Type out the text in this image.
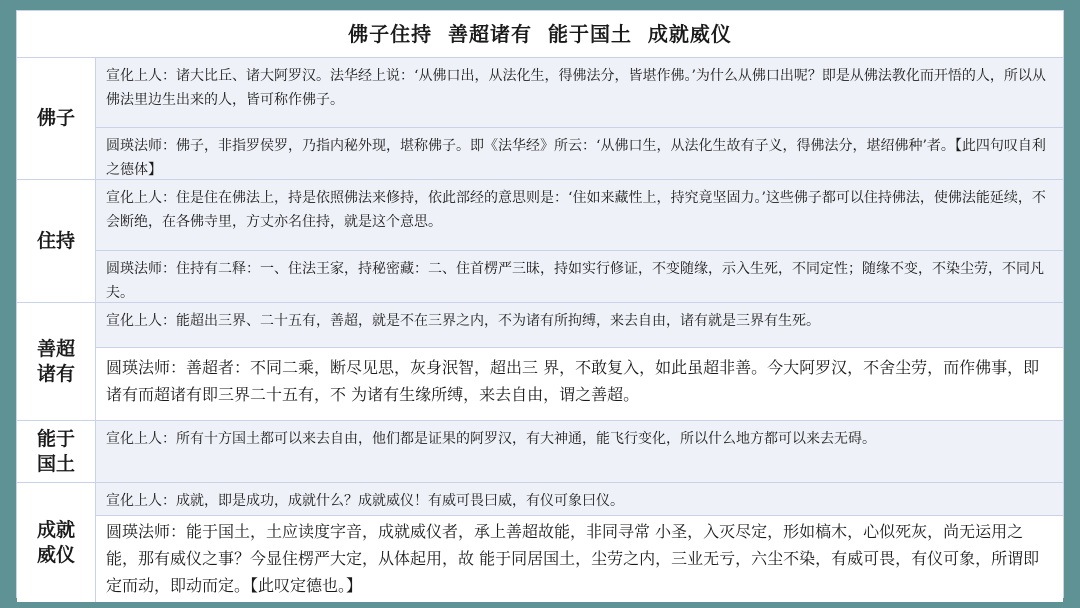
佛子住持  善超诸有  能于国土  成就威仪
佛子
宣化上人：诸大比丘、诸大阿罗汉。法华经上说：‘从佛口出，从法化生，得佛法分，皆堪作佛。’为什么从佛口出呢？即是从佛法教化而开悟的人，所以从佛法里边生出来的人，皆可称作佛子。
圆瑛法师：佛子，非指罗侯罗，乃指内秘外现，堪称佛子。即《法华经》所云：‘从佛口生，从法化生故有子义，得佛法分，堪绍佛种’者。【此四句叹自利之德体】
住持
宣化上人：住是住在佛法上，持是依照佛法来修持，依此部经的意思则是：‘住如来藏性上，持究竟坚固力。’这些佛子都可以住持佛法，使佛法能延续，不会断绝，在各佛寺里，方丈亦名住持，就是这个意思。
圆瑛法师：住持有二释：一、住法王家，持秘密藏：二、住首楞严三昧，持如实行修证，不变随缘，示入生死，不同定性；随缘不变，不染尘劳，不同凡夫。
善超诸有
宣化上人：能超出三界、二十五有，善超，就是不在三界之内，不为诸有所拘缚，来去自由，诸有就是三界有生死。
圆瑛法师：善超者：不同二乘，断尽见思，灰身泯智，超出三 界，不敢复入，如此虽超非善。今大阿罗汉，不舍尘劳，而作佛事，即诸有而超诸有即三界二十五有，不 为诸有生缘所缚，来去自由，谓之善超。
能于国土
宣化上人：所有十方国土都可以来去自由，他们都是证果的阿罗汉，有大神通，能飞行变化，所以什么地方都可以来去无碍。
成就威仪
宣化上人：成就，即是成功，成就什么？成就威仪！有威可畏曰威，有仪可象曰仪。
圆瑛法师：能于国土，土应读度字音，成就威仪者，承上善超故能，非同寻常 小圣，入灭尽定，形如槁木，心似死灰，尚无运用之能，那有威仪之事？今显住楞严大定，从体起用，故 能于同居国土，尘劳之内，三业无亏，六尘不染，有威可畏，有仪可象，所谓即定而动，即动而定。【此叹定德也。】
